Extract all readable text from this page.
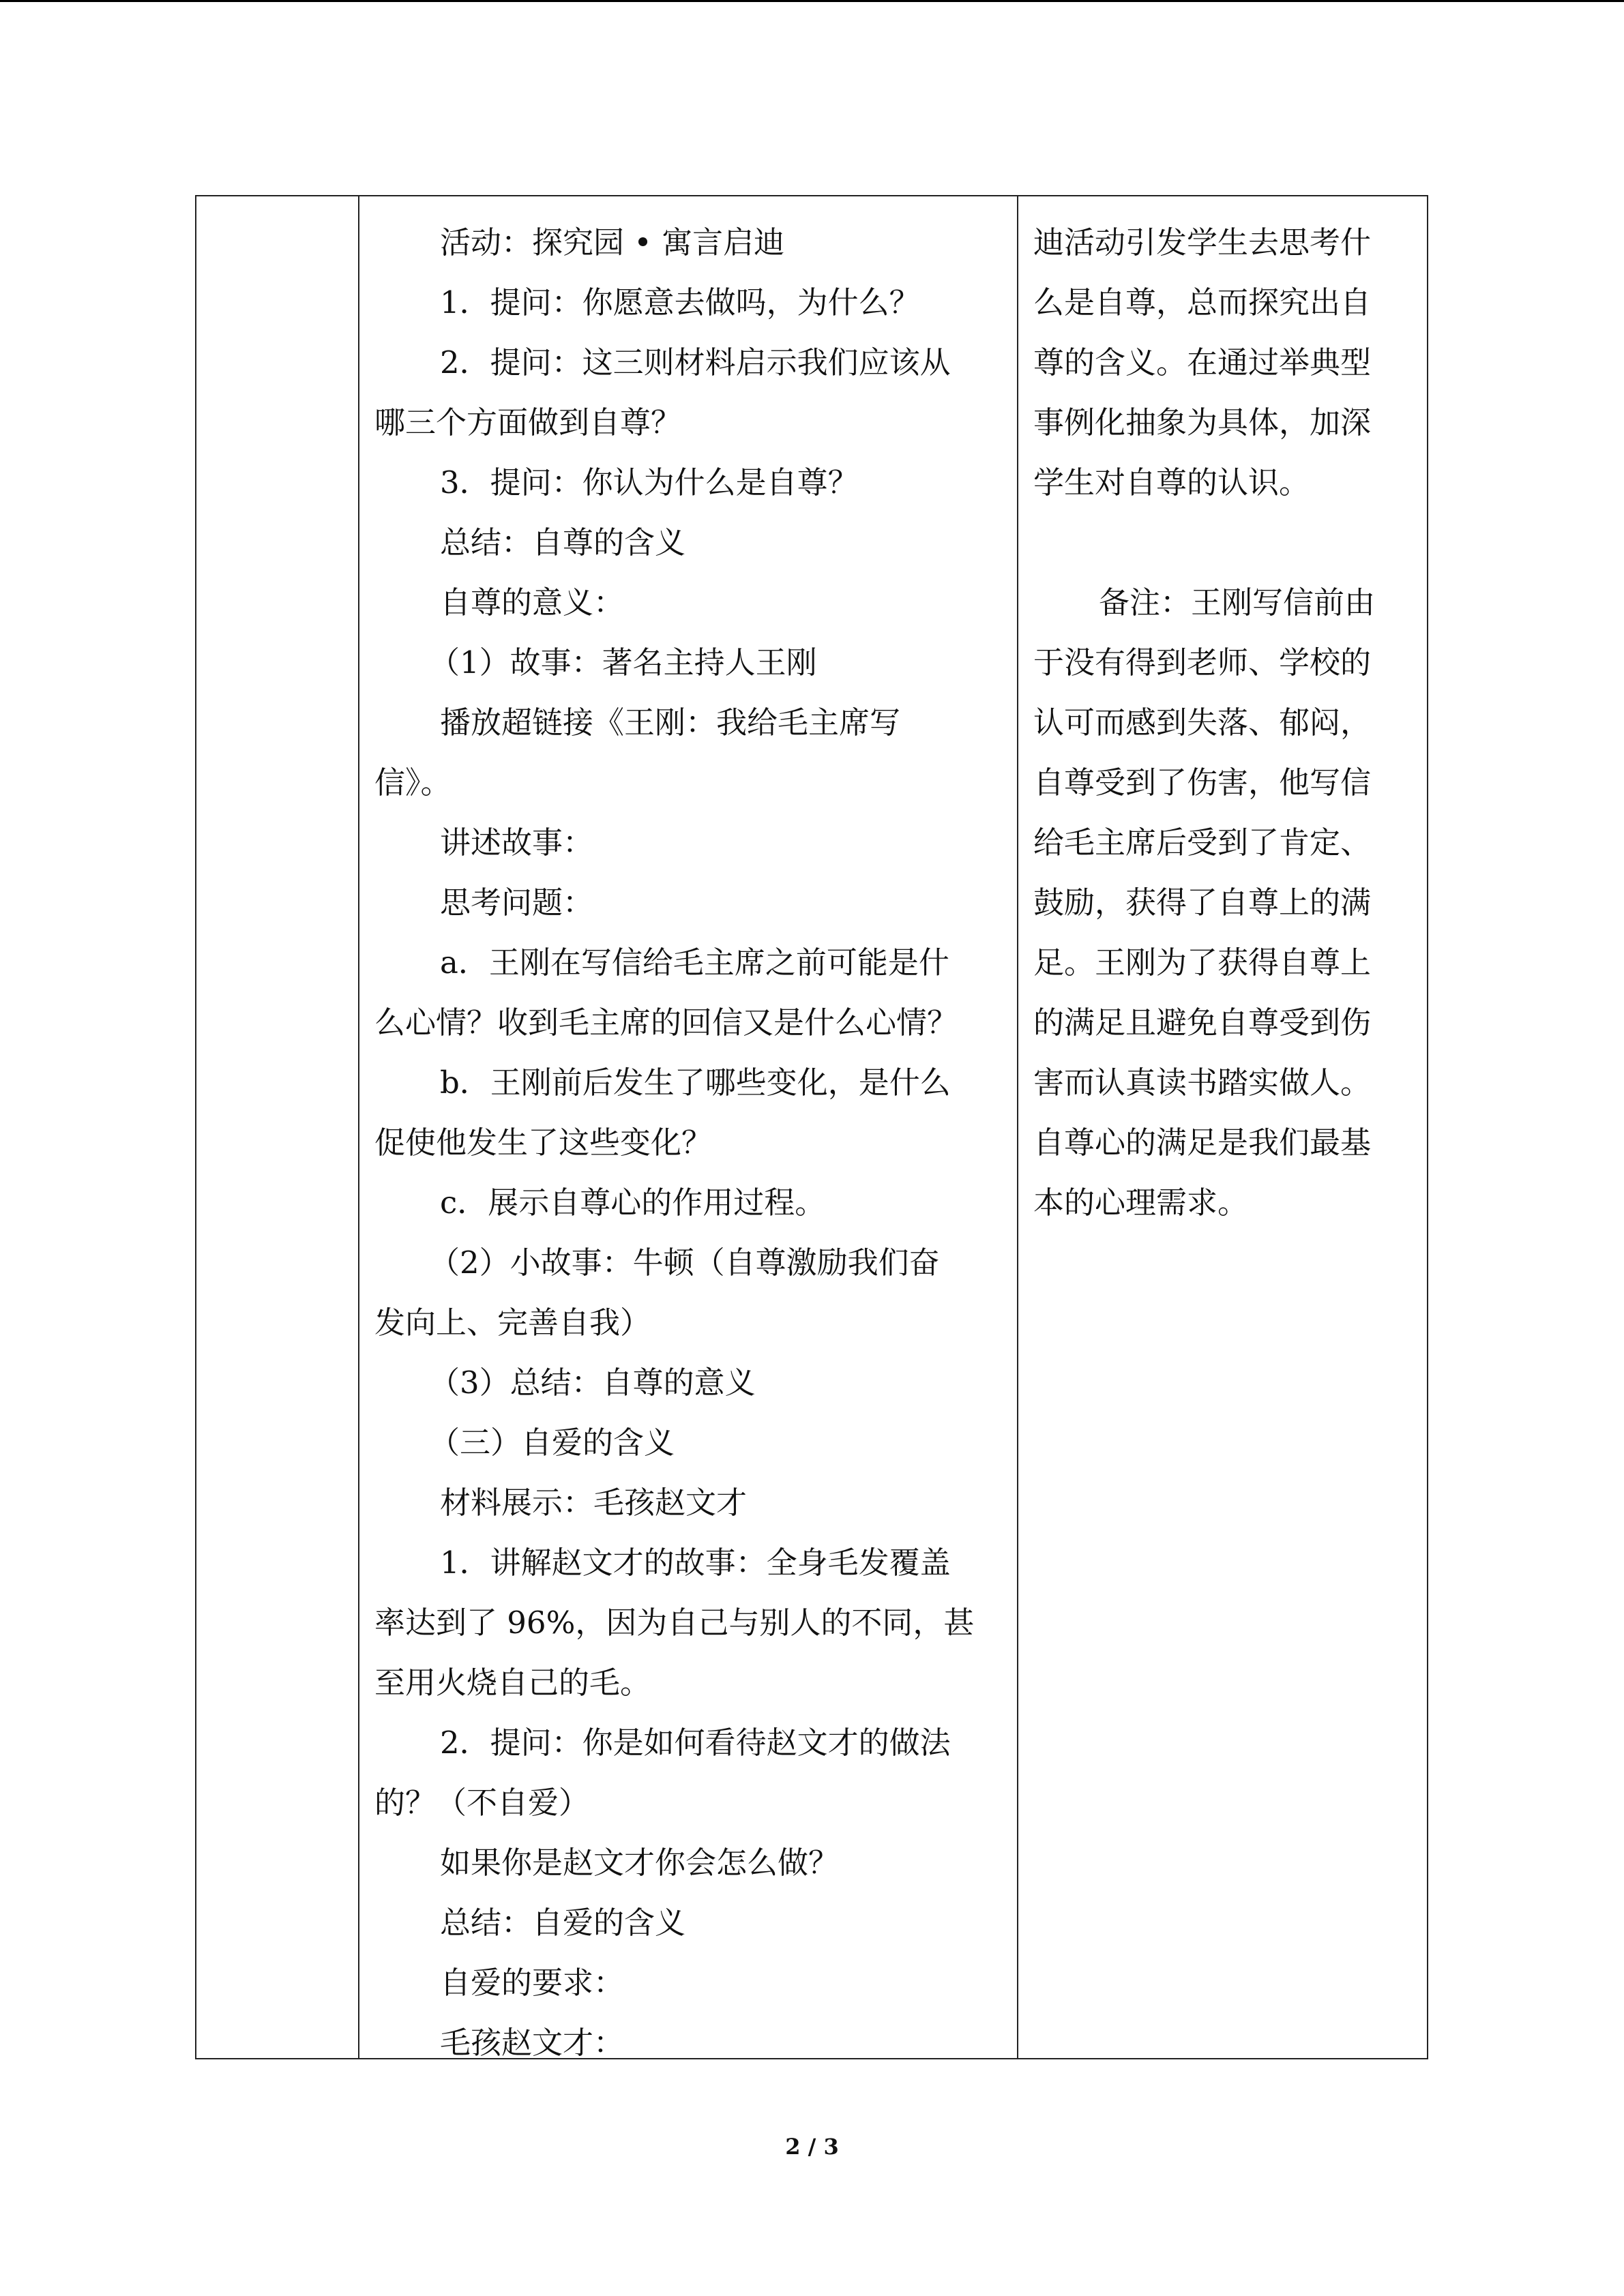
活动：探究园 • 寓言启迪

1．提问：你愿意去做吗，为什么？

2．提问：这三则材料启示我们应该从

哪三个方面做到自尊？

3．提问：你认为什么是自尊？

总结：自尊的含义

自尊的意义：

（1）故事：著名主持人王刚

播放超链接《王刚：我给毛主席写

信》。

讲述故事：

思考问题：

a．王刚在写信给毛主席之前可能是什

么心情？收到毛主席的回信又是什么心情？

b．王刚前后发生了哪些变化，是什么

促使他发生了这些变化？

c．展示自尊心的作用过程。

（2）小故事：牛顿（自尊激励我们奋

发向上、完善自我）

（3）总结：自尊的意义

（三）自爱的含义

材料展示：毛孩赵文才

1．讲解赵文才的故事：全身毛发覆盖

率达到了 96%，因为自己与别人的不同，甚

至用火烧自己的毛。

2．提问：你是如何看待赵文才的做法

的？（不自爱）

如果你是赵文才你会怎么做？

总结：自爱的含义

自爱的要求：

毛孩赵文才：

迪活动引发学生去思考什

么是自尊，总而探究出自

尊的含义。在通过举典型

事例化抽象为具体，加深

学生对自尊的认识。

备注：王刚写信前由

于没有得到老师、学校的

认可而感到失落、郁闷，

自尊受到了伤害，他写信

给毛主席后受到了肯定、

鼓励，获得了自尊上的满

足。王刚为了获得自尊上

的满足且避免自尊受到伤

害而认真读书踏实做人。

自尊心的满足是我们最基

本的心理需求。

2 / 3
